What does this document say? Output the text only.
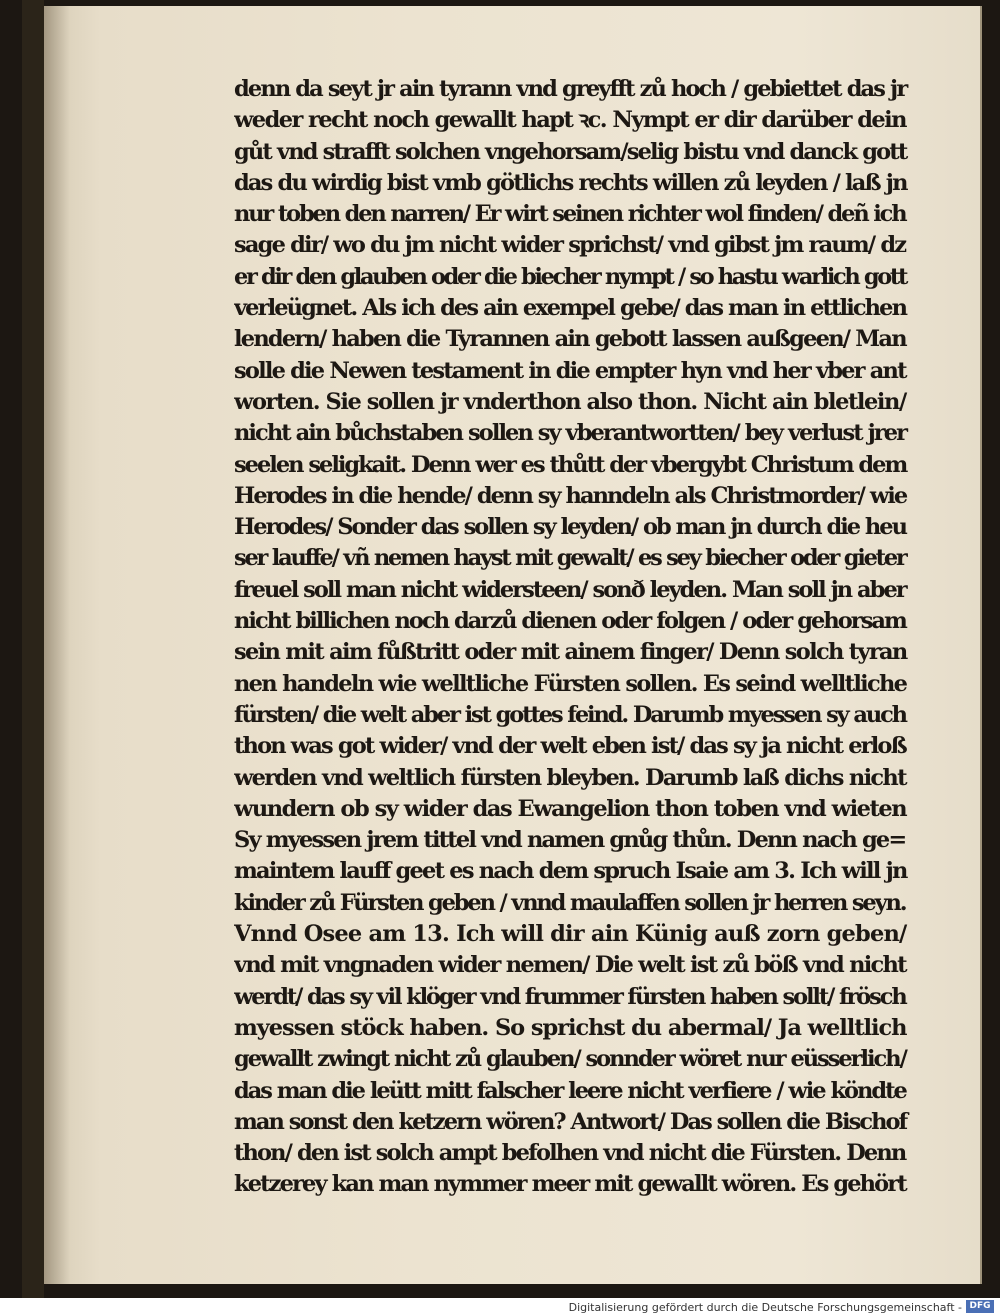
denn da seyt jr ain tyrann vnd greyfft zů hoch / gebiettet das jr
weder recht noch gewallt hapt ꝛc. Nympt er dir darüber dein
gůt vnd strafft solchen vngehorsam/selig bistu vnd danck gott
das du wirdig bist vmb götlichs rechts willen zů leyden / laß jn
nur toben den narren/ Er wirt seinen richter wol finden/ deñ ich
sage dir/ wo du jm nicht wider sprichst/ vnd gibst jm raum/ dz
er dir den glauben oder die biecher nympt / so hastu warlich gott
verleügnet. Als ich des ain exempel gebe/ das man in ettlichen
lendern/ haben die Tyrannen ain gebott lassen außgeen/ Man
solle die Newen testament in die empter hyn vnd her vber ant
worten. Sie sollen jr vnderthon also thon. Nicht ain bletlein/
nicht ain bůchstaben sollen sy vberantwortten/ bey verlust jrer
seelen seligkait. Denn wer es thůtt der vbergybt Christum dem
Herodes in die hende/ denn sy hanndeln als Christmorder/ wie
Herodes/ Sonder das sollen sy leyden/ ob man jn durch die heu
ser lauffe/ vñ nemen hayst mit gewalt/ es sey biecher oder gieter
freuel soll man nicht widersteen/ sonð leyden. Man soll jn aber
nicht billichen noch darzů dienen oder folgen / oder gehorsam
sein mit aim fůßtritt oder mit ainem finger/ Denn solch tyran
nen handeln wie welltliche Fürsten sollen. Es seind welltliche
fürsten/ die welt aber ist gottes feind. Darumb myessen sy auch
thon was got wider/ vnd der welt eben ist/ das sy ja nicht erloß
werden vnd weltlich fürsten bleyben. Darumb laß dichs nicht
wundern ob sy wider das Ewangelion thon toben vnd wieten
Sy myessen jrem tittel vnd namen gnůg thůn. Denn nach ge=
maintem lauff geet es nach dem spruch Isaie am 3. Ich will jn
kinder zů Fürsten geben / vnnd maulaffen sollen jr herren seyn.
Vnnd Osee am 13. Ich will dir ain Künig auß zorn geben/
vnd mit vngnaden wider nemen/ Die welt ist zů böß vnd nicht
werdt/ das sy vil klöger vnd frummer fürsten haben sollt/ frösch
myessen stöck haben. So sprichst du abermal/ Ja welltlich
gewallt zwingt nicht zů glauben/ sonnder wöret nur eüsserlich/
das man die leütt mitt falscher leere nicht verfiere / wie köndte
man sonst den ketzern wören? Antwort/ Das sollen die Bischof
thon/ den ist solch ampt befolhen vnd nicht die Fürsten. Denn
ketzerey kan man nymmer meer mit gewallt wören. Es gehört
Digitalisierung gefördert durch die Deutsche Forschungsgemeinschaft - DFG
